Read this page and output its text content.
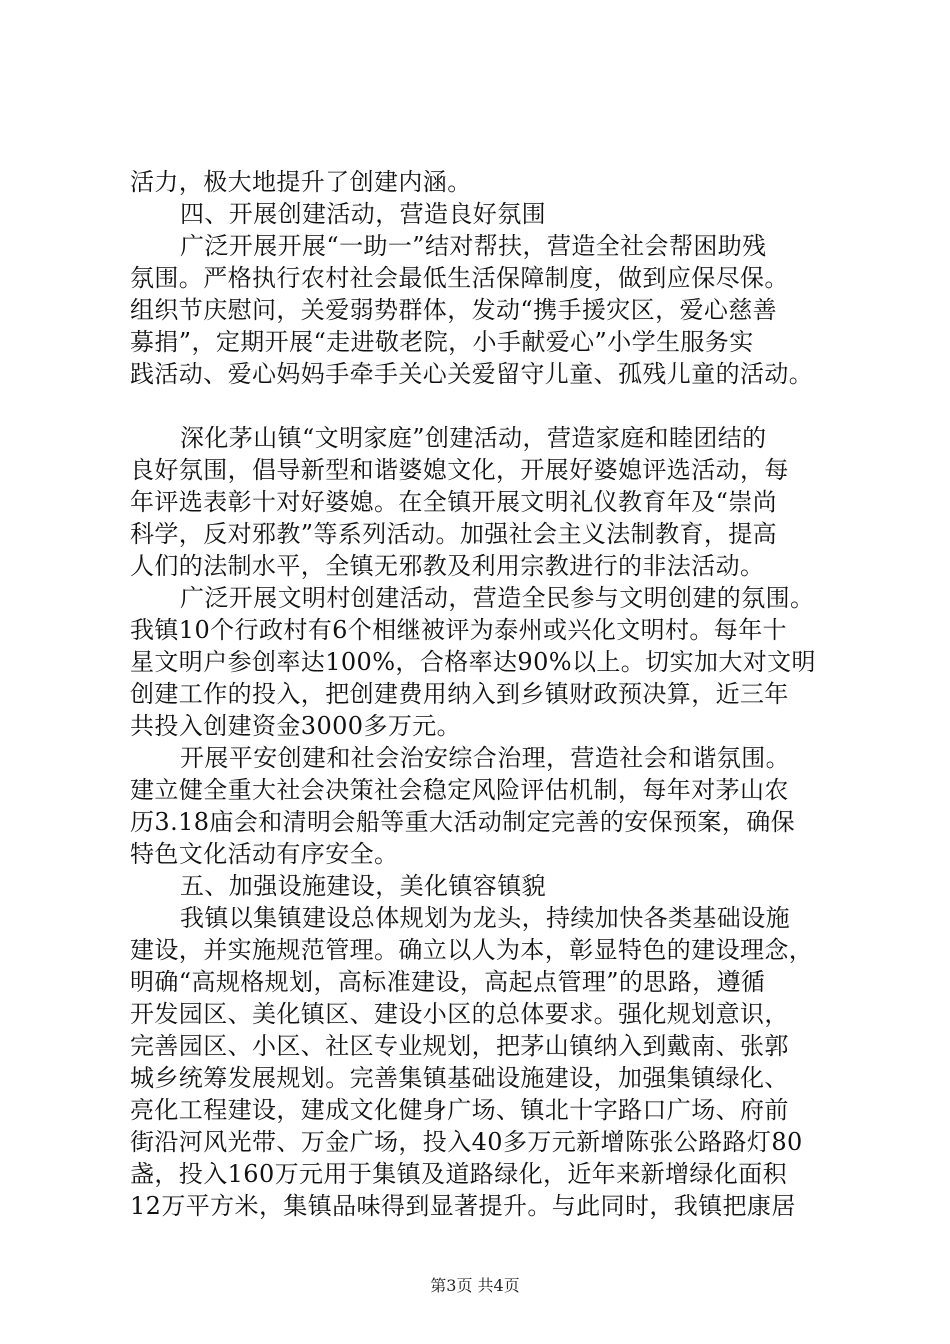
活力，极大地提升了创建内涵。
四、开展创建活动，营造良好氛围
广泛开展开展“一助一”结对帮扶，营造全社会帮困助残
氛围。严格执行农村社会最低生活保障制度，做到应保尽保。
组织节庆慰问，关爱弱势群体，发动“携手援灾区，爱心慈善
募捐”，定期开展“走进敬老院，小手献爱心”小学生服务实
践活动、爱心妈妈手牵手关心关爱留守儿童、孤残儿童的活动。
深化茅山镇“文明家庭”创建活动，营造家庭和睦团结的
良好氛围，倡导新型和谐婆媳文化，开展好婆媳评选活动，每
年评选表彰十对好婆媳。在全镇开展文明礼仪教育年及“崇尚
科学，反对邪教”等系列活动。加强社会主义法制教育，提高
人们的法制水平，全镇无邪教及利用宗教进行的非法活动。
广泛开展文明村创建活动，营造全民参与文明创建的氛围。
我镇10个行政村有6个相继被评为泰州或兴化文明村。每年十
星文明户参创率达100%，合格率达90%以上。切实加大对文明
创建工作的投入，把创建费用纳入到乡镇财政预决算，近三年
共投入创建资金3000多万元。
开展平安创建和社会治安综合治理，营造社会和谐氛围。
建立健全重大社会决策社会稳定风险评估机制，每年对茅山农
历3.18庙会和清明会船等重大活动制定完善的安保预案，确保
特色文化活动有序安全。
五、加强设施建设，美化镇容镇貌
我镇以集镇建设总体规划为龙头，持续加快各类基础设施
建设，并实施规范管理。确立以人为本，彰显特色的建设理念，
明确“高规格规划，高标准建设，高起点管理”的思路，遵循
开发园区、美化镇区、建设小区的总体要求。强化规划意识，
完善园区、小区、社区专业规划，把茅山镇纳入到戴南、张郭
城乡统筹发展规划。完善集镇基础设施建设，加强集镇绿化、
亮化工程建设，建成文化健身广场、镇北十字路口广场、府前
街沿河风光带、万金广场，投入40多万元新增陈张公路路灯80
盏，投入160万元用于集镇及道路绿化，近年来新增绿化面积
12万平方米，集镇品味得到显著提升。与此同时，我镇把康居
第3页 共4页
